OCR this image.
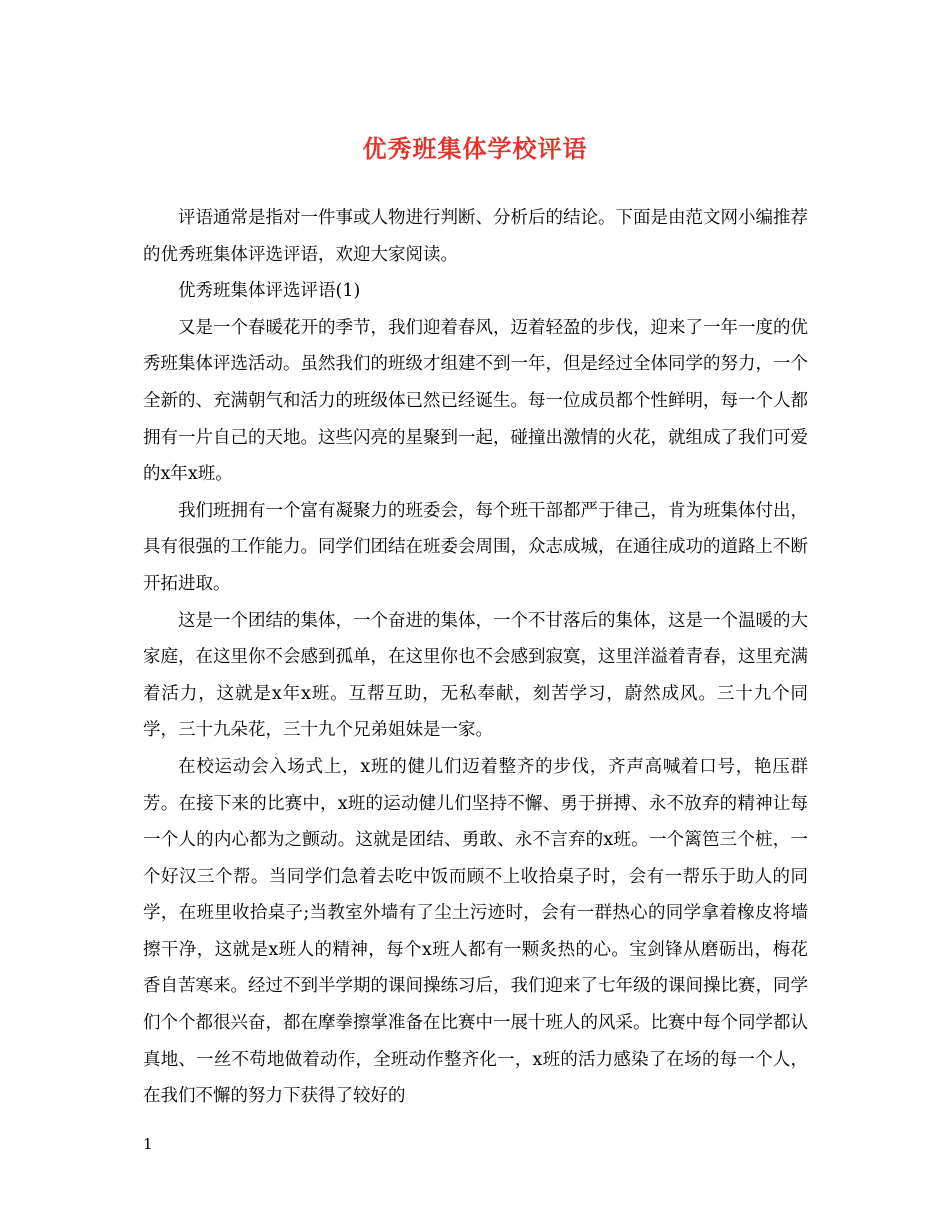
优秀班集体学校评语

评语通常是指对一件事或人物进行判断、分析后的结论。下面是由范文网小编推荐的优秀班集体评选评语，欢迎大家阅读。

优秀班集体评选评语(1)

又是一个春暖花开的季节，我们迎着春风，迈着轻盈的步伐，迎来了一年一度的优秀班集体评选活动。虽然我们的班级才组建不到一年，但是经过全体同学的努力，一个全新的、充满朝气和活力的班级体已然已经诞生。每一位成员都个性鲜明，每一个人都拥有一片自己的天地。这些闪亮的星聚到一起，碰撞出激情的火花，就组成了我们可爱的x年x班。

我们班拥有一个富有凝聚力的班委会，每个班干部都严于律己，肯为班集体付出，具有很强的工作能力。同学们团结在班委会周围，众志成城，在通往成功的道路上不断开拓进取。

这是一个团结的集体，一个奋进的集体，一个不甘落后的集体，这是一个温暖的大家庭，在这里你不会感到孤单，在这里你也不会感到寂寞，这里洋溢着青春，这里充满着活力，这就是x年x班。互帮互助，无私奉献，刻苦学习，蔚然成风。三十九个同学，三十九朵花，三十九个兄弟姐妹是一家。

在校运动会入场式上，x班的健儿们迈着整齐的步伐，齐声高喊着口号，艳压群芳。在接下来的比赛中，x班的运动健儿们坚持不懈、勇于拼搏、永不放弃的精神让每一个人的内心都为之颤动。这就是团结、勇敢、永不言弃的x班。一个篱笆三个桩，一个好汉三个帮。当同学们急着去吃中饭而顾不上收拾桌子时，会有一帮乐于助人的同学，在班里收拾桌子;当教室外墙有了尘土污迹时，会有一群热心的同学拿着橡皮将墙擦干净，这就是x班人的精神，每个x班人都有一颗炙热的心。宝剑锋从磨砺出，梅花香自苦寒来。经过不到半学期的课间操练习后，我们迎来了七年级的课间操比赛，同学们个个都很兴奋，都在摩拳擦掌准备在比赛中一展十班人的风采。比赛中每个同学都认真地、一丝不苟地做着动作，全班动作整齐化一，x班的活力感染了在场的每一个人，在我们不懈的努力下获得了较好的

1
